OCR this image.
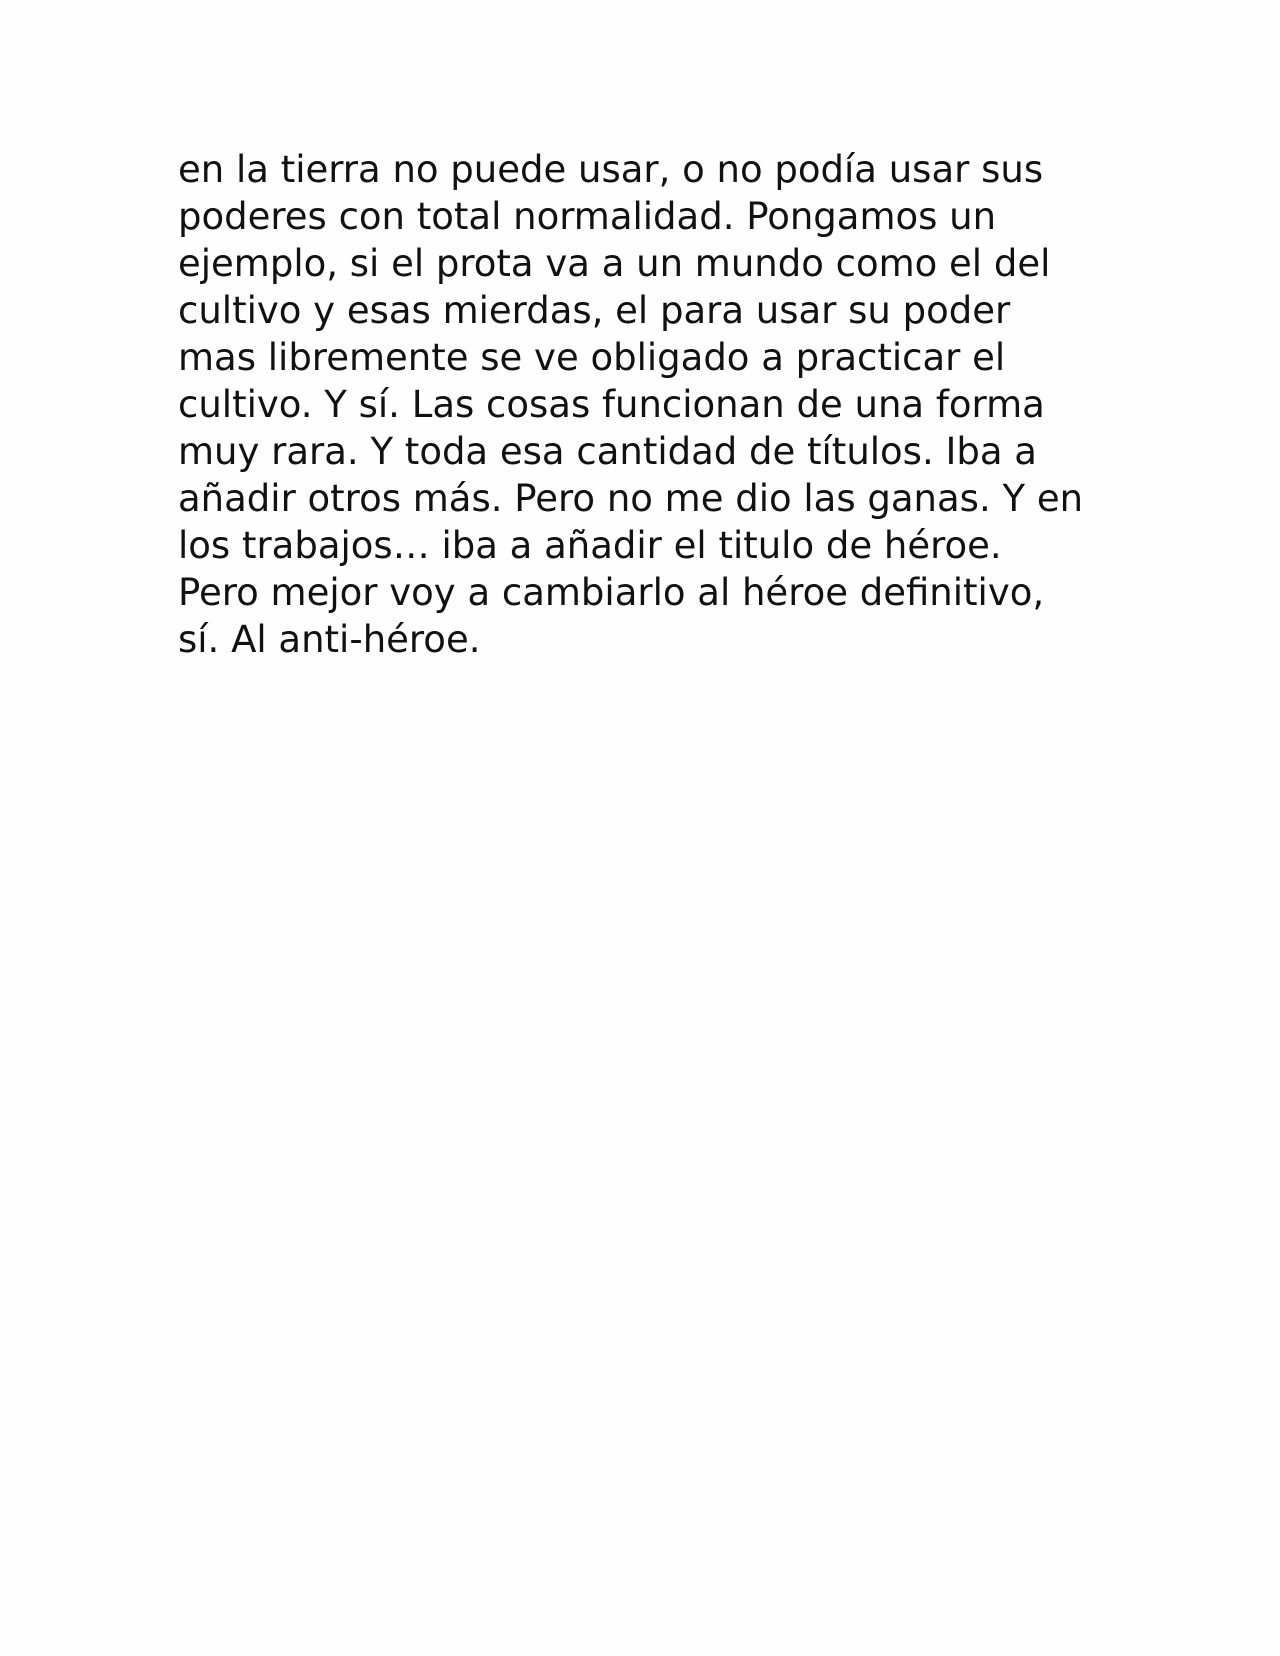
en la tierra no puede usar, o no podía usar sus
poderes con total normalidad. Pongamos un
ejemplo, si el prota va a un mundo como el del
cultivo y esas mierdas, el para usar su poder
mas libremente se ve obligado a practicar el
cultivo. Y sí. Las cosas funcionan de una forma
muy rara. Y toda esa cantidad de títulos. Iba a
añadir otros más. Pero no me dio las ganas. Y en
los trabajos… iba a añadir el titulo de héroe.
Pero mejor voy a cambiarlo al héroe definitivo,
sí. Al anti-héroe.
